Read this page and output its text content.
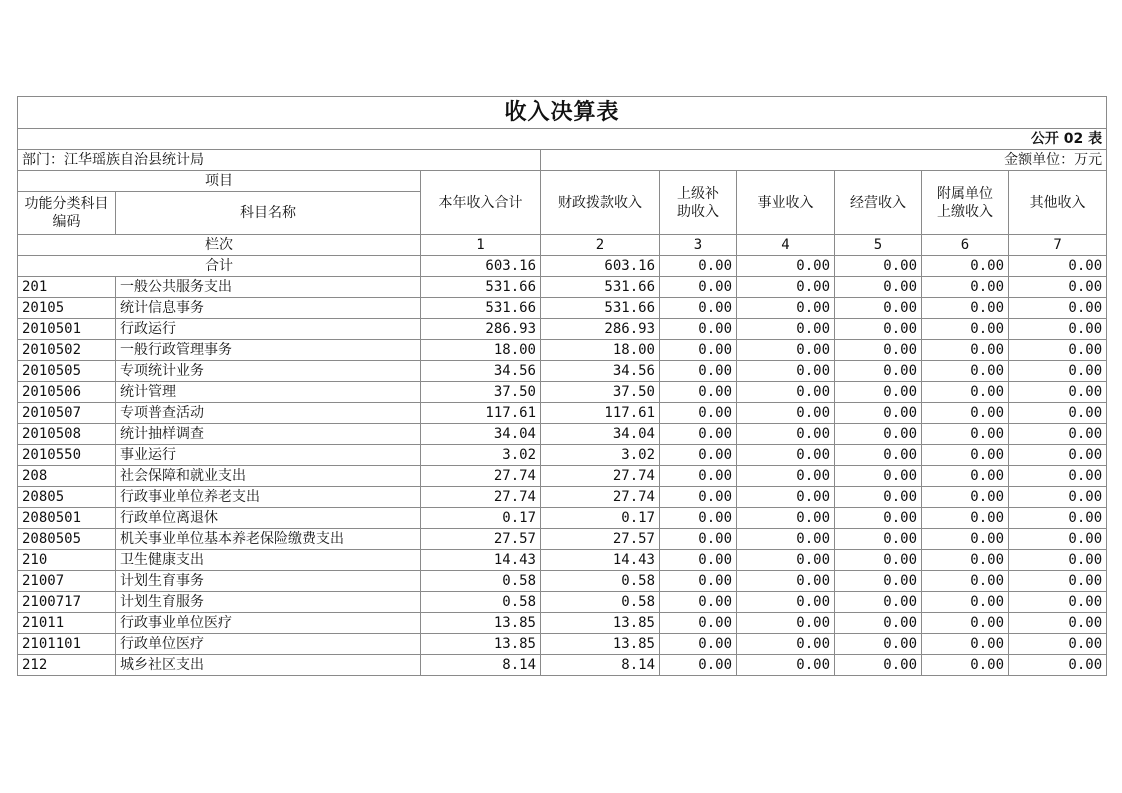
收入决算表								
公开 02 表								
部门：江华瑶族自治县统计局			金额单位：万元					
项目		本年收入合计	财政拨款收入	上级补助收入	事业收入	经营收入	附属单位上缴收入	其他收入
功能分类科目编码	科目名称							
栏次		1	2	3	4	5	6	7
合计		603.16	603.16	0.00	0.00	0.00	0.00	0.00
201	一般公共服务支出	531.66	531.66	0.00	0.00	0.00	0.00	0.00
20105	统计信息事务	531.66	531.66	0.00	0.00	0.00	0.00	0.00
2010501	行政运行	286.93	286.93	0.00	0.00	0.00	0.00	0.00
2010502	一般行政管理事务	18.00	18.00	0.00	0.00	0.00	0.00	0.00
2010505	专项统计业务	34.56	34.56	0.00	0.00	0.00	0.00	0.00
2010506	统计管理	37.50	37.50	0.00	0.00	0.00	0.00	0.00
2010507	专项普查活动	117.61	117.61	0.00	0.00	0.00	0.00	0.00
2010508	统计抽样调查	34.04	34.04	0.00	0.00	0.00	0.00	0.00
2010550	事业运行	3.02	3.02	0.00	0.00	0.00	0.00	0.00
208	社会保障和就业支出	27.74	27.74	0.00	0.00	0.00	0.00	0.00
20805	行政事业单位养老支出	27.74	27.74	0.00	0.00	0.00	0.00	0.00
2080501	行政单位离退休	0.17	0.17	0.00	0.00	0.00	0.00	0.00
2080505	机关事业单位基本养老保险缴费支出	27.57	27.57	0.00	0.00	0.00	0.00	0.00
210	卫生健康支出	14.43	14.43	0.00	0.00	0.00	0.00	0.00
21007	计划生育事务	0.58	0.58	0.00	0.00	0.00	0.00	0.00
2100717	计划生育服务	0.58	0.58	0.00	0.00	0.00	0.00	0.00
21011	行政事业单位医疗	13.85	13.85	0.00	0.00	0.00	0.00	0.00
2101101	行政单位医疗	13.85	13.85	0.00	0.00	0.00	0.00	0.00
212	城乡社区支出	8.14	8.14	0.00	0.00	0.00	0.00	0.00
